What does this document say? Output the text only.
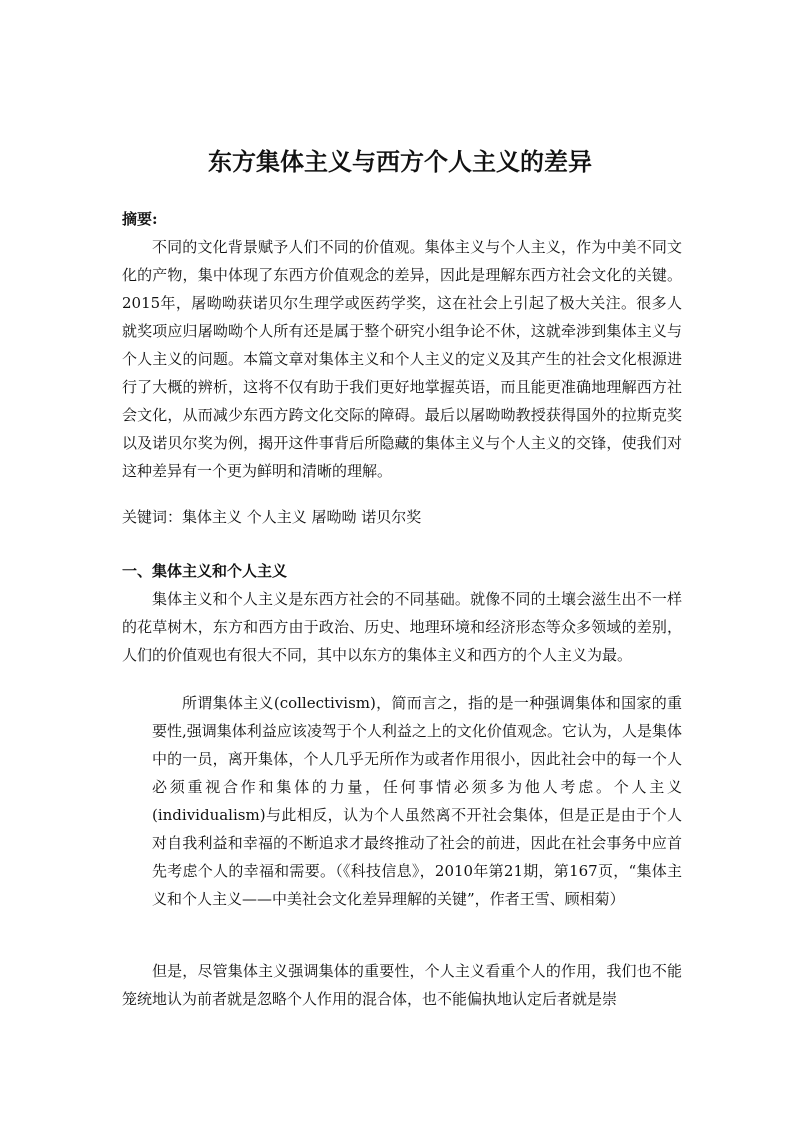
东方集体主义与西方个人主义的差异

摘要:

不同的文化背景赋予人们不同的价值观。集体主义与个人主义，作为中美不同文化的产物，集中体现了东西方价值观念的差异，因此是理解东西方社会文化的关键。2015年，屠呦呦获诺贝尔生理学或医药学奖，这在社会上引起了极大关注。很多人就奖项应归屠呦呦个人所有还是属于整个研究小组争论不休，这就牵涉到集体主义与个人主义的问题。本篇文章对集体主义和个人主义的定义及其产生的社会文化根源进行了大概的辨析，这将不仅有助于我们更好地掌握英语，而且能更准确地理解西方社会文化，从而减少东西方跨文化交际的障碍。最后以屠呦呦教授获得国外的拉斯克奖以及诺贝尔奖为例，揭开这件事背后所隐藏的集体主义与个人主义的交锋，使我们对这种差异有一个更为鲜明和清晰的理解。

关键词：集体主义 个人主义 屠呦呦 诺贝尔奖

一、集体主义和个人主义

集体主义和个人主义是东西方社会的不同基础。就像不同的土壤会滋生出不一样的花草树木，东方和西方由于政治、历史、地理环境和经济形态等众多领域的差别，人们的价值观也有很大不同，其中以东方的集体主义和西方的个人主义为最。

所谓集体主义(collectivism)，简而言之，指的是一种强调集体和国家的重要性,强调集体利益应该凌驾于个人利益之上的文化价值观念。它认为，人是集体中的一员，离开集体，个人几乎无所作为或者作用很小，因此社会中的每一个人必须重视合作和集体的力量，任何事情必须多为他人考虑。个人主义(individualism)与此相反，认为个人虽然离不开社会集体，但是正是由于个人对自我利益和幸福的不断追求才最终推动了社会的前进，因此在社会事务中应首先考虑个人的幸福和需要。（《科技信息》，2010年第21期，第167页，“集体主义和个人主义——中美社会文化差异理解的关键”，作者王雪、顾相菊）

但是，尽管集体主义强调集体的重要性，个人主义看重个人的作用，我们也不能笼统地认为前者就是忽略个人作用的混合体，也不能偏执地认定后者就是崇
